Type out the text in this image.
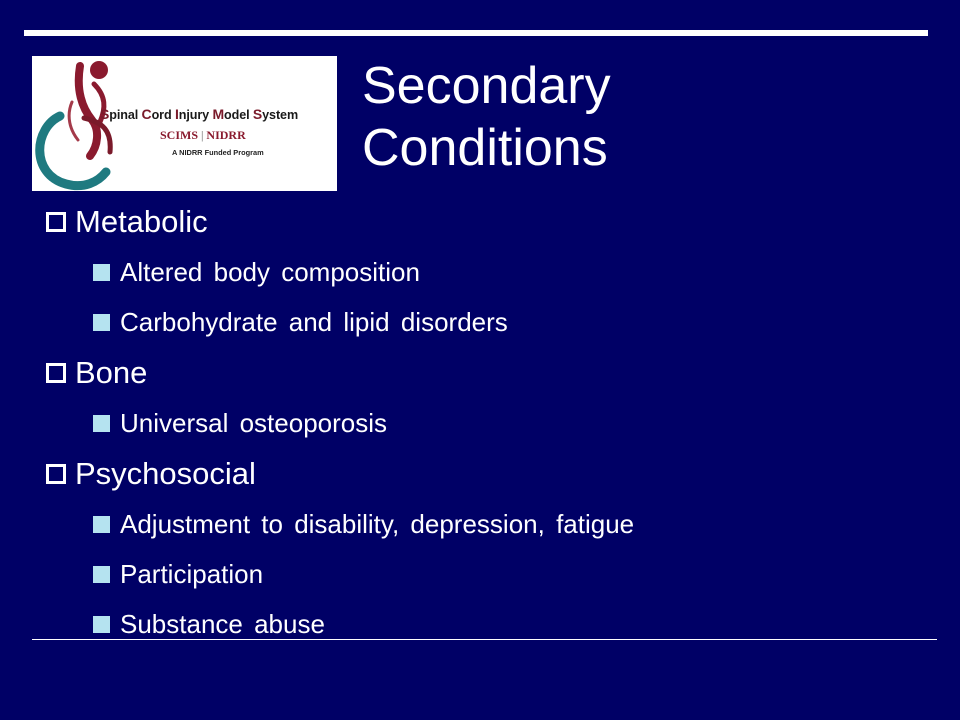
Spinal Cord Injury Model System
SCIMS | NIDRR
A NIDRR Funded Program
Secondary
Conditions
Metabolic
Altered body composition
Carbohydrate and lipid disorders
Bone
Universal osteoporosis
Psychosocial
Adjustment to disability, depression, fatigue
Participation
Substance abuse
